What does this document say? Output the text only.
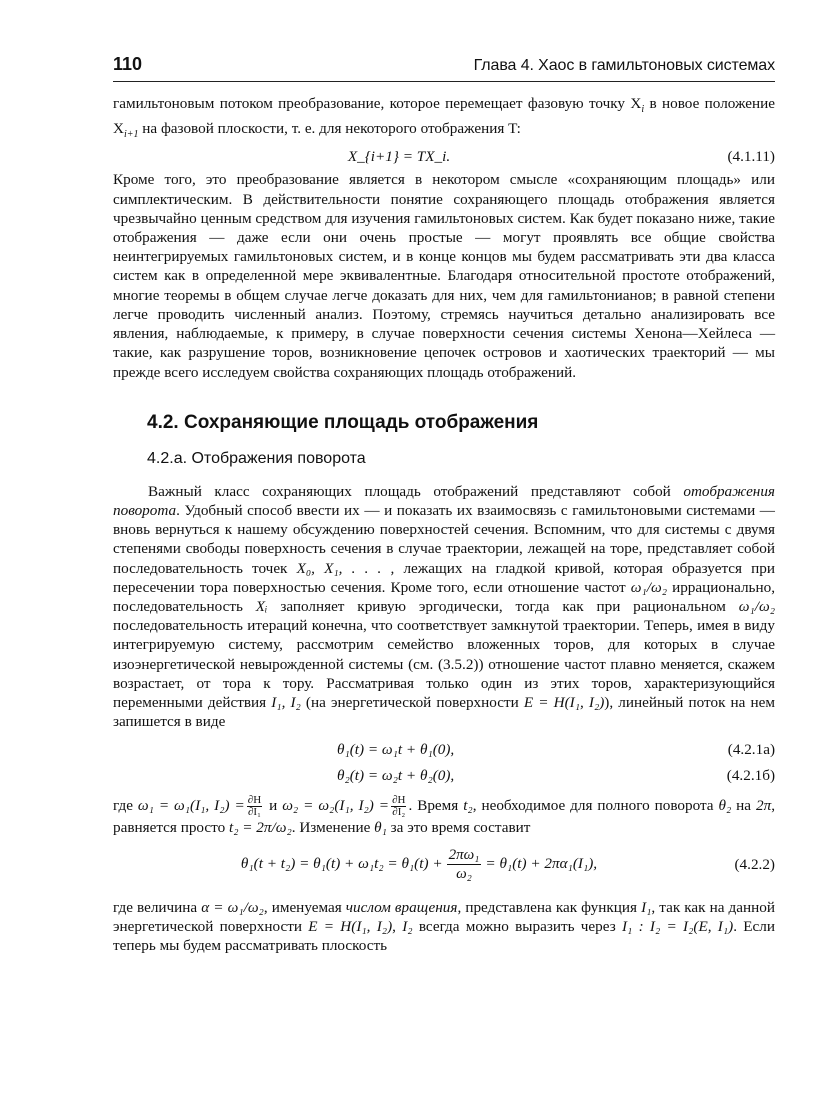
110	Глава 4. Хаос в гамильтоновых системах

гамильтоновым потоком преобразование, которое перемещает фазовую точку $X_i$ в новое положение $X_{i+1}$ на фазовой плоскости, т. е. для некоторого отображения T:

X_{i+1} = TX_i.	(4.1.11)

Кроме того, это преобразование является в некотором смысле «сохраняющим площадь» или симплектическим. В действительности понятие сохраняющего площадь отображения является чрезвычайно ценным средством для изучения гамильтоновых систем. Как будет показано ниже, такие отображения — даже если они очень простые — могут проявлять все общие свойства неинтегрируемых гамильтоновых систем, и в конце концов мы будем рассматривать эти два класса систем как в определенной мере эквивалентные. Благодаря относительной простоте отображений, многие теоремы в общем случае легче доказать для них, чем для гамильтонианов; в равной степени легче проводить численный анализ. Поэтому, стремясь научиться детально анализировать все явления, наблюдаемые, к примеру, в случае поверхности сечения системы Хенона—Хейлеса — такие, как разрушение торов, возникновение цепочек островов и хаотических траекторий — мы прежде всего исследуем свойства сохраняющих площадь отображений.

4.2. Сохраняющие площадь отображения
4.2.а. Отображения поворота

Важный класс сохраняющих площадь отображений представляют собой отображения поворота. Удобный способ ввести их — и показать их взаимосвязь с гамильтоновыми системами — вновь вернуться к нашему обсуждению поверхностей сечения. Вспомним, что для системы с двумя степенями свободы поверхность сечения в случае траектории, лежащей на торе, представляет собой последовательность точек X₀, X₁, . . . , лежащих на гладкой кривой, которая образуется при пересечении тора поверхностью сечения. Кроме того, если отношение частот ω₁/ω₂ иррационально, последовательность Xᵢ заполняет кривую эргодически, тогда как при рациональном ω₁/ω₂ последовательность итераций конечна, что соответствует замкнутой траектории. Теперь, имея в виду интегрируемую систему, рассмотрим семейство вложенных торов, для которых в случае изоэнергетической невырожденной системы (см. (3.5.2)) отношение частот плавно меняется, скажем возрастает, от тора к тору. Рассматривая только один из этих торов, характеризующийся переменными действия I₁, I₂ (на энергетической поверхности E = H(I₁, I₂)), линейный поток на нем запишется в виде

θ₁(t) = ω₁t + θ₁(0),	(4.2.1а)
θ₂(t) = ω₂t + θ₂(0),	(4.2.1б)

где ω₁ = ω₁(I₁, $I_2) = \frac{\partial H}{\text{∂I₁}}$ и ω₂ = ω₂(I₁, $I_2) = \frac{\partial H}{\text{∂I₂}}$ . Время t₂, необходимое для полного поворота θ₂ на 2π, равняется просто t₂ = 2π/ω₂. Изменение θ₁ за это время составит

$\theta_1(t + t_2) = \theta_1(t) + \omega_1t_2 = \theta_1(t) + \frac{\text{2πω₁}}{\text{ω₂}} = \theta_1(t) + 2\pi\alpha_1(I_1)$,	(4.2.2)

где величина α = ω₁/ω₂, именуемая числом вращения, представлена как функция I₁, так как на данной энергетической поверхности E = H(I₁, I₂), I₂ всегда можно выразить через I₁ : I₂ = I₂(E, I₁). Если теперь мы будем рассматривать плоскость
